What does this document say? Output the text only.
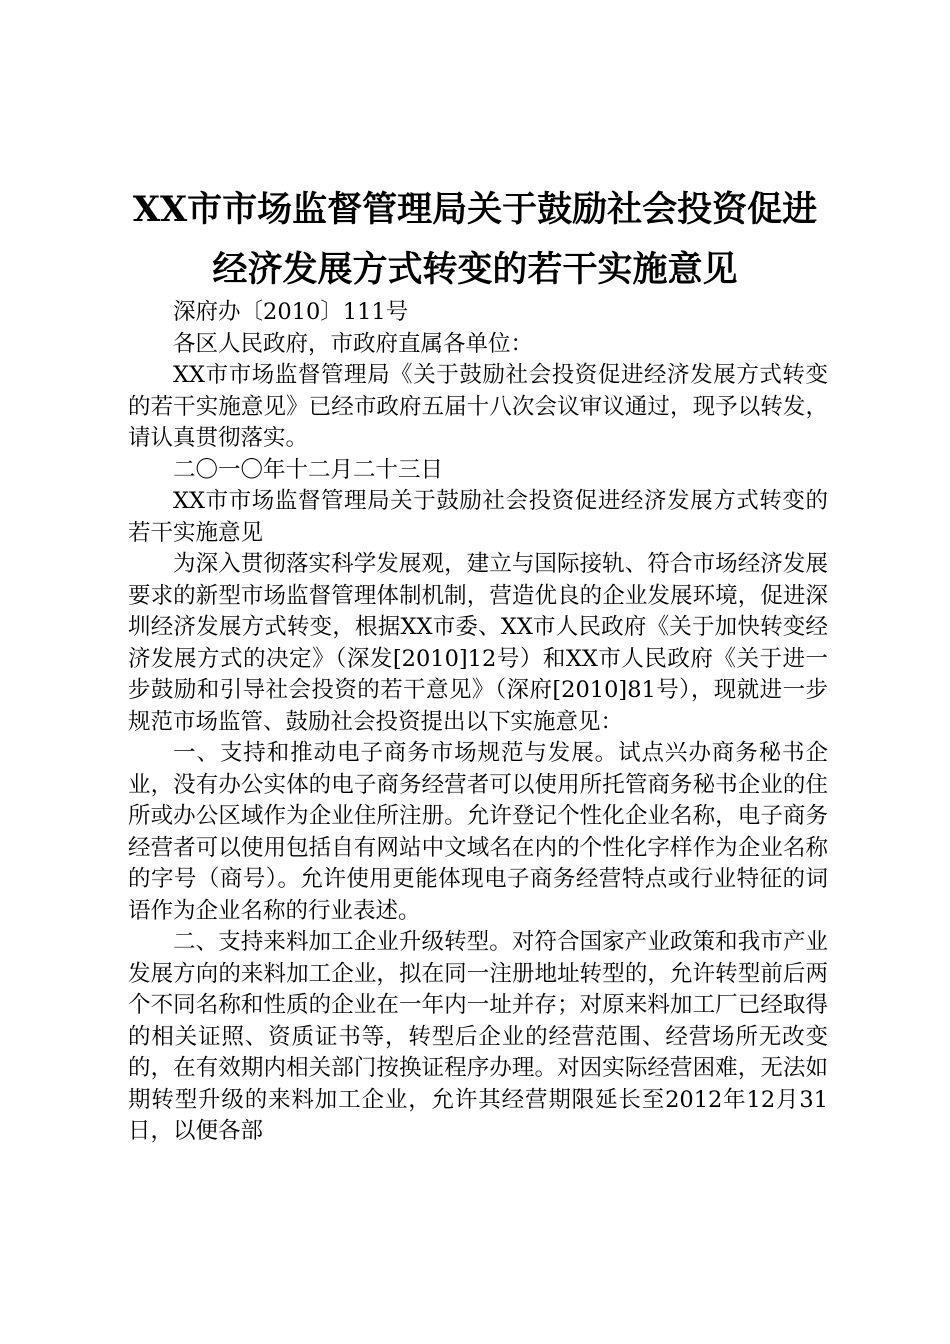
XX市市场监督管理局关于鼓励社会投资促进
经济发展方式转变的若干实施意见

深府办〔2010〕111号

各区人民政府，市政府直属各单位：

XX市市场监督管理局《关于鼓励社会投资促进经济发展方式转变的若干实施意见》已经市政府五届十八次会议审议通过，现予以转发，请认真贯彻落实。

二〇一〇年十二月二十三日

XX市市场监督管理局关于鼓励社会投资促进经济发展方式转变的若干实施意见

为深入贯彻落实科学发展观，建立与国际接轨、符合市场经济发展要求的新型市场监督管理体制机制，营造优良的企业发展环境，促进深圳经济发展方式转变，根据XX市委、XX市人民政府《关于加快转变经济发展方式的决定》（深发[2010]12号）和XX市人民政府《关于进一步鼓励和引导社会投资的若干意见》（深府[2010]81号），现就进一步规范市场监管、鼓励社会投资提出以下实施意见：

一、支持和推动电子商务市场规范与发展。试点兴办商务秘书企业，没有办公实体的电子商务经营者可以使用所托管商务秘书企业的住所或办公区域作为企业住所注册。允许登记个性化企业名称，电子商务经营者可以使用包括自有网站中文域名在内的个性化字样作为企业名称的字号（商号）。允许使用更能体现电子商务经营特点或行业特征的词语作为企业名称的行业表述。

二、支持来料加工企业升级转型。对符合国家产业政策和我市产业发展方向的来料加工企业，拟在同一注册地址转型的，允许转型前后两个不同名称和性质的企业在一年内一址并存；对原来料加工厂已经取得的相关证照、资质证书等，转型后企业的经营范围、经营场所无改变的，在有效期内相关部门按换证程序办理。对因实际经营困难，无法如期转型升级的来料加工企业，允许其经营期限延长至2012年12月31日，以便各部
